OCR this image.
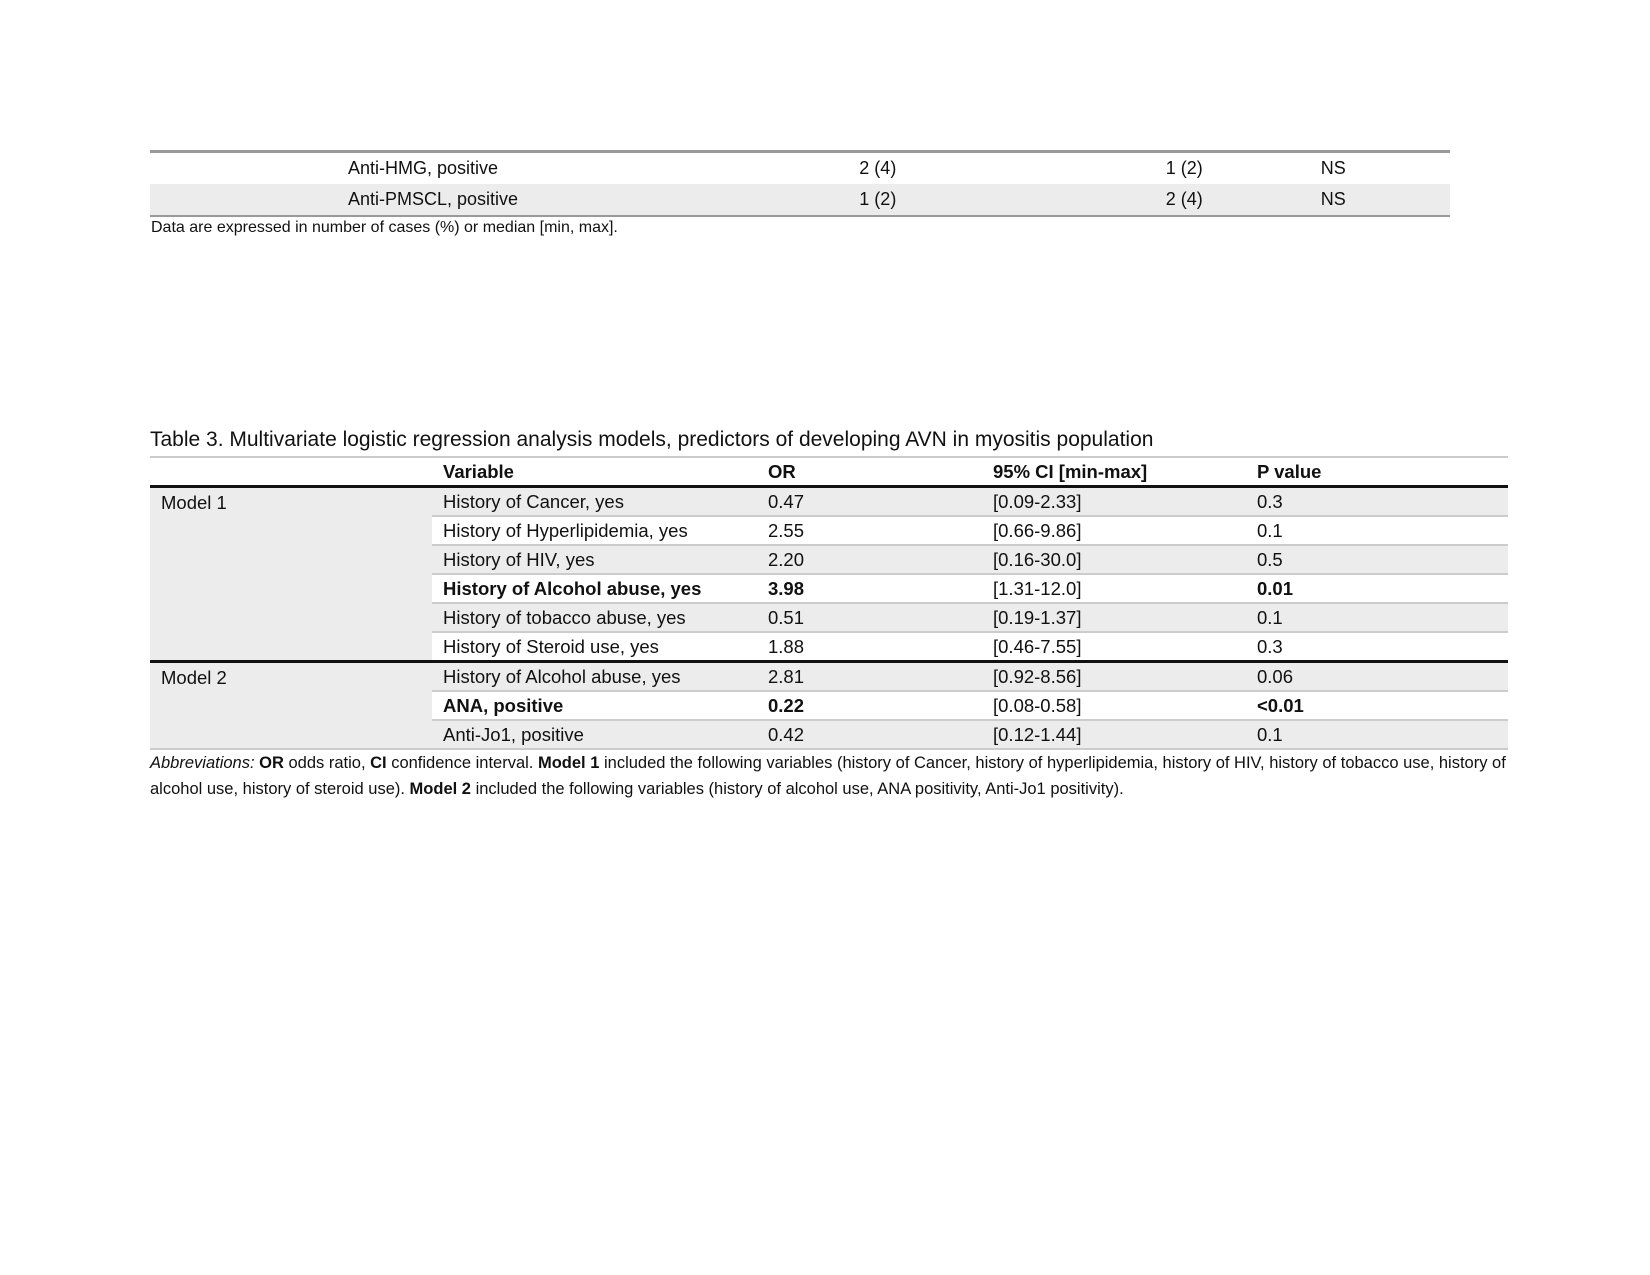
Anti-HMG, positive	2 (4)	1 (2)	NS
Anti-PMSCL, positive	1 (2)	2 (4)	NS
Data are expressed in number of cases (%) or median [min, max].
Table 3. Multivariate logistic regression analysis models, predictors of developing AVN in myositis population
	Variable	OR	95% CI [min-max]	P value
Model 1	History of Cancer, yes	0.47	[0.09-2.33]	0.3
	History of Hyperlipidemia, yes	2.55	[0.66-9.86]	0.1
	History of HIV, yes	2.20	[0.16-30.0]	0.5
	History of Alcohol abuse, yes	3.98	[1.31-12.0]	0.01
	History of tobacco abuse, yes	0.51	[0.19-1.37]	0.1
	History of Steroid use, yes	1.88	[0.46-7.55]	0.3
Model 2	History of Alcohol abuse, yes	2.81	[0.92-8.56]	0.06
	ANA, positive	0.22	[0.08-0.58]	<0.01
	Anti-Jo1, positive	0.42	[0.12-1.44]	0.1
Abbreviations: OR odds ratio, CI confidence interval. Model 1 included the following variables (history of Cancer, history of hyperlipidemia, history of HIV, history of tobacco use, history of alcohol use, history of steroid use). Model 2 included the following variables (history of alcohol use, ANA positivity, Anti-Jo1 positivity).
